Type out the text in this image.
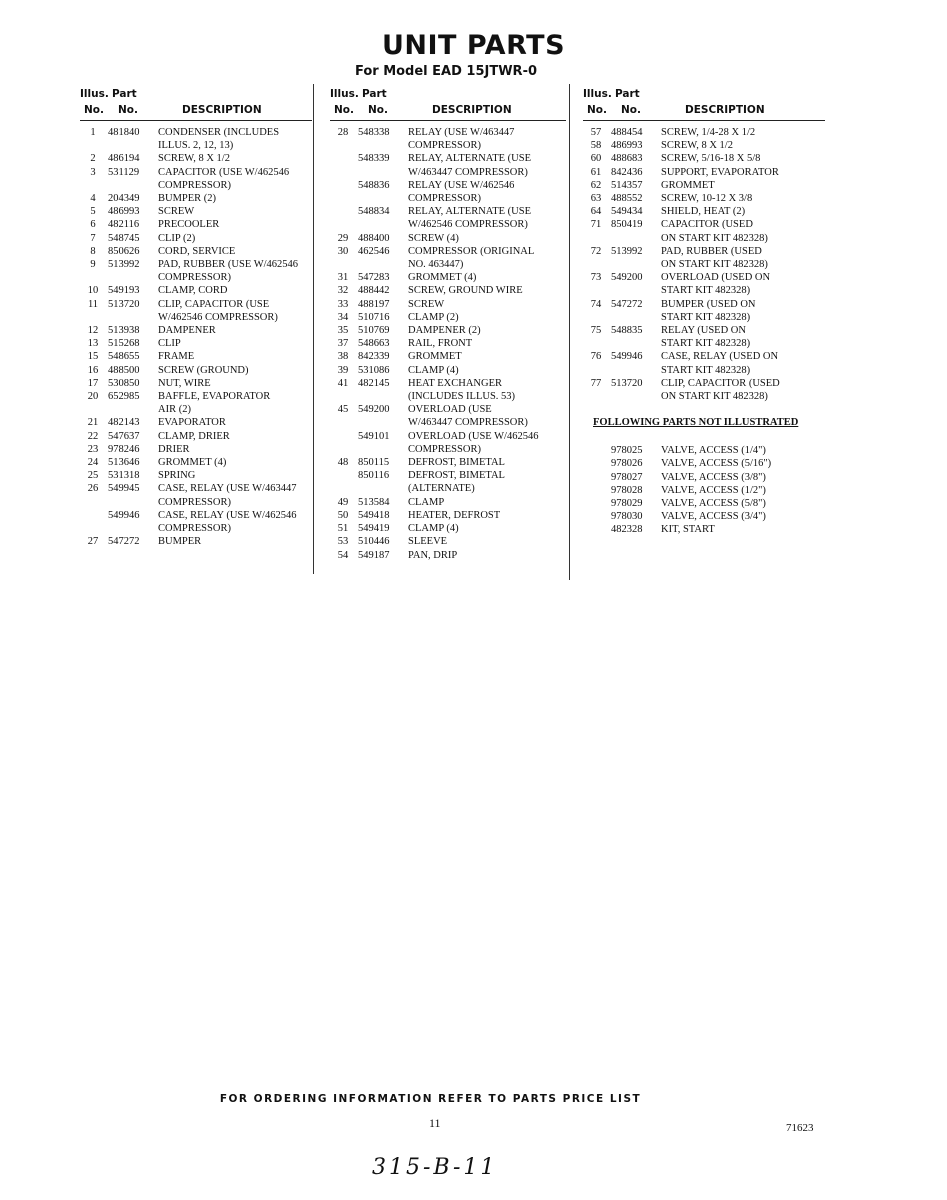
UNIT PARTS
For Model EAD 15JTWR-0
Illus. Part
No. No.	DESCRIPTION
1	481840	CONDENSER (INCLUDES
ILLUS. 2, 12, 13)
2	486194	SCREW, 8 X 1/2
3	531129	CAPACITOR (USE W/462546
COMPRESSOR)
4	204349	BUMPER (2)
5	486993	SCREW
6	482116	PRECOOLER
7	548745	CLIP (2)
8	850626	CORD, SERVICE
9	513992	PAD, RUBBER (USE W/462546
COMPRESSOR)
10 549193	CLAMP, CORD
11 513720	CLIP, CAPACITOR (USE
W/462546 COMPRESSOR)
12 513938	DAMPENER
13 515268	CLIP
15 548655	FRAME
16 488500	SCREW (GROUND)
17 530850	NUT, WIRE
20 652985	BAFFLE, EVAPORATOR
AIR (2)
21 482143	EVAPORATOR
22 547637	CLAMP, DRIER
23 978246	DRIER
24 513646	GROMMET (4)
25 531318	SPRING
26 549945	CASE, RELAY (USE W/463447
COMPRESSOR)
549946	CASE, RELAY (USE W/462546
COMPRESSOR)
27 547272	BUMPER
Illus. Part
No. No.	DESCRIPTION
28 548338	RELAY (USE W/463447
COMPRESSOR)
548339	RELAY, ALTERNATE (USE
W/463447 COMPRESSOR)
548836	RELAY (USE W/462546
COMPRESSOR)
548834	RELAY, ALTERNATE (USE
W/462546 COMPRESSOR)
29 488400	SCREW (4)
30 462546	COMPRESSOR (ORIGINAL
NO. 463447)
31 547283	GROMMET (4)
32 488442	SCREW, GROUND WIRE
33 488197	SCREW
34 510716	CLAMP (2)
35 510769	DAMPENER (2)
37 548663	RAIL, FRONT
38 842339	GROMMET
39 531086	CLAMP (4)
41 482145	HEAT EXCHANGER
(INCLUDES ILLUS. 53)
45 549200	OVERLOAD (USE
W/463447 COMPRESSOR)
549101	OVERLOAD (USE W/462546
COMPRESSOR)
48 850115	DEFROST, BIMETAL
850116	DEFROST, BIMETAL
(ALTERNATE)
49 513584	CLAMP
50 549418	HEATER, DEFROST
51 549419	CLAMP (4)
53 510446	SLEEVE
54 549187	PAN, DRIP
Illus. Part
No. No.	DESCRIPTION
57 488454	SCREW, 1/4-28 X 1/2
58 486993	SCREW, 8 X 1/2
60 488683	SCREW, 5/16-18 X 5/8
61 842436	SUPPORT, EVAPORATOR
62 514357	GROMMET
63 488552	SCREW, 10-12 X 3/8
64 549434	SHIELD, HEAT (2)
71 850419	CAPACITOR (USED
ON START KIT 482328)
72 513992	PAD, RUBBER (USED
ON START KIT 482328)
73 549200	OVERLOAD (USED ON
START KIT 482328)
74 547272	BUMPER (USED ON
START KIT 482328)
75 548835	RELAY (USED ON
START KIT 482328)
76 549946	CASE, RELAY (USED ON
START KIT 482328)
77 513720	CLIP, CAPACITOR (USED
ON START KIT 482328)
FOLLOWING PARTS NOT ILLUSTRATED
978025	VALVE, ACCESS (1/4")
978026	VALVE, ACCESS (5/16")
978027	VALVE, ACCESS (3/8")
978028	VALVE, ACCESS (1/2")
978029	VALVE, ACCESS (5/8")
978030	VALVE, ACCESS (3/4")
482328	KIT, START

FOR ORDERING INFORMATION REFER TO PARTS PRICE LIST

11	71623

315-B-11
